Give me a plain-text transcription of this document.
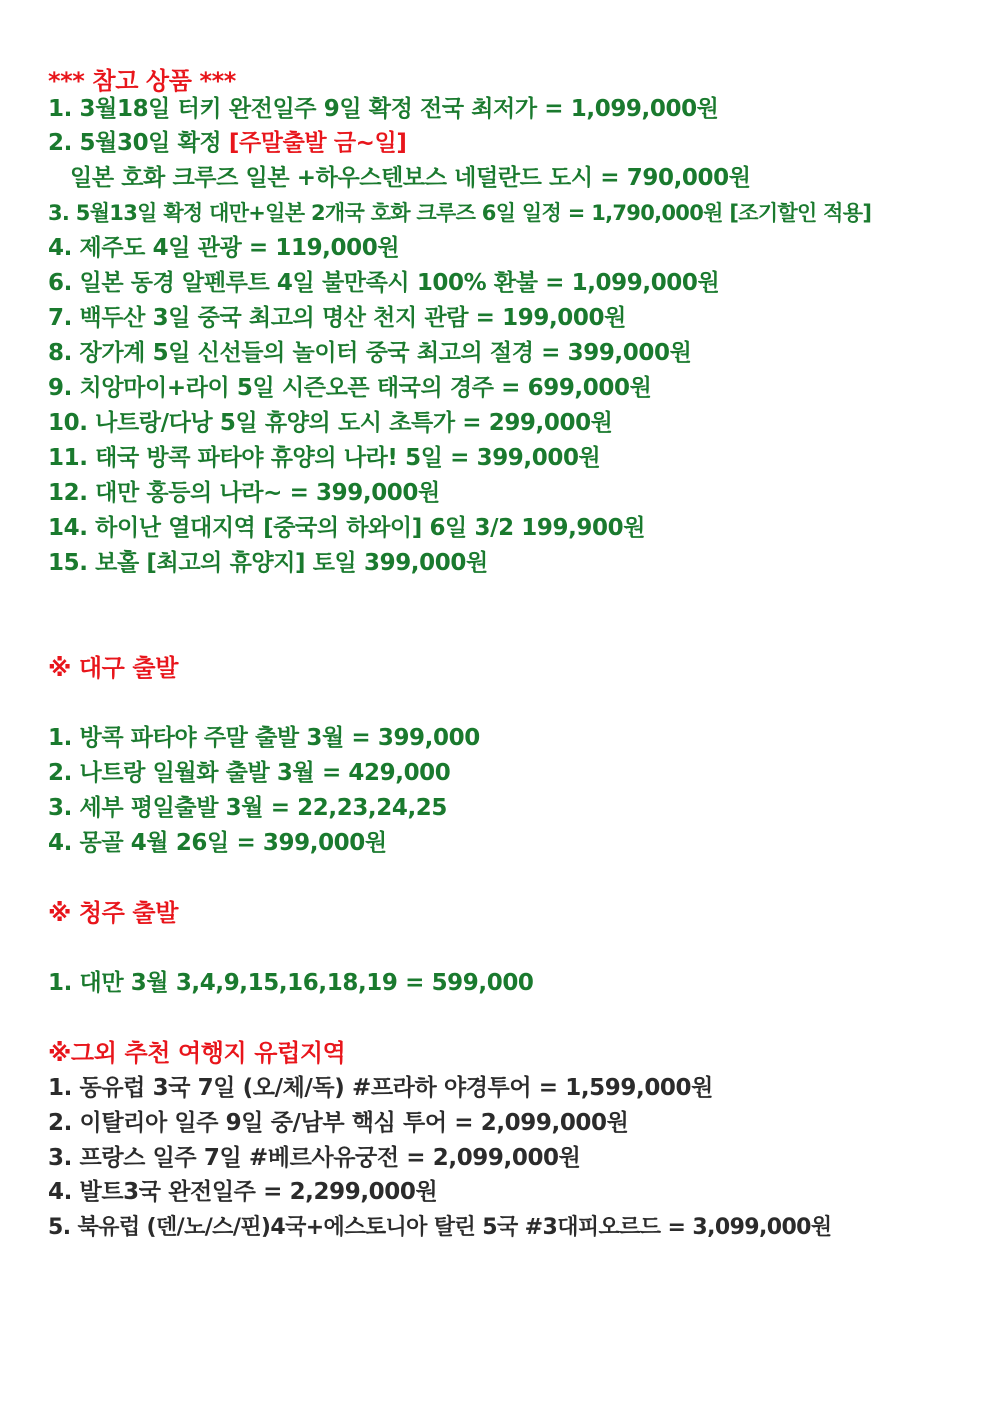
*** 참고 상품 ***
1. 3월18일 터키 완전일주 9일 확정 전국 최저가 = 1,099,000원
2. 5월30일 확정 [주말출발 금~일]
일본 호화 크루즈 일본 +하우스텐보스 네덜란드 도시 = 790,000원
3. 5월13일 확정 대만+일본 2개국 호화 크루즈 6일 일정 = 1,790,000원 [조기할인 적용]
4. 제주도 4일 관광 = 119,000원
6. 일본 동경 알펜루트 4일 불만족시 100% 환불 = 1,099,000원
7. 백두산 3일 중국 최고의 명산 천지 관람 = 199,000원
8. 장가계 5일 신선들의 놀이터 중국 최고의 절경 = 399,000원
9. 치앙마이+라이 5일 시즌오픈 태국의 경주 = 699,000원
10. 나트랑/다낭 5일 휴양의 도시 초특가 = 299,000원
11. 태국 방콕 파타야 휴양의 나라! 5일 = 399,000원
12. 대만 홍등의 나라~ = 399,000원
14. 하이난 열대지역 [중국의 하와이] 6일 3/2 199,900원
15. 보홀 [최고의 휴양지] 토일 399,000원
※ 대구 출발
1. 방콕 파타야 주말 출발 3월 = 399,000
2. 나트랑 일월화 출발 3월 = 429,000
3. 세부 평일출발 3월 = 22,23,24,25
4. 몽골 4월 26일 = 399,000원
※ 청주 출발
1. 대만 3월 3,4,9,15,16,18,19 = 599,000
※그외 추천 여행지 유럽지역
1. 동유럽 3국 7일 (오/체/독) #프라하 야경투어 = 1,599,000원
2. 이탈리아 일주 9일 중/남부 핵심 투어 = 2,099,000원
3. 프랑스 일주 7일 #베르사유궁전 = 2,099,000원
4. 발트3국 완전일주 = 2,299,000원
5. 북유럽 (덴/노/스/핀)4국+에스토니아 탈린 5국 #3대피오르드 = 3,099,000원
